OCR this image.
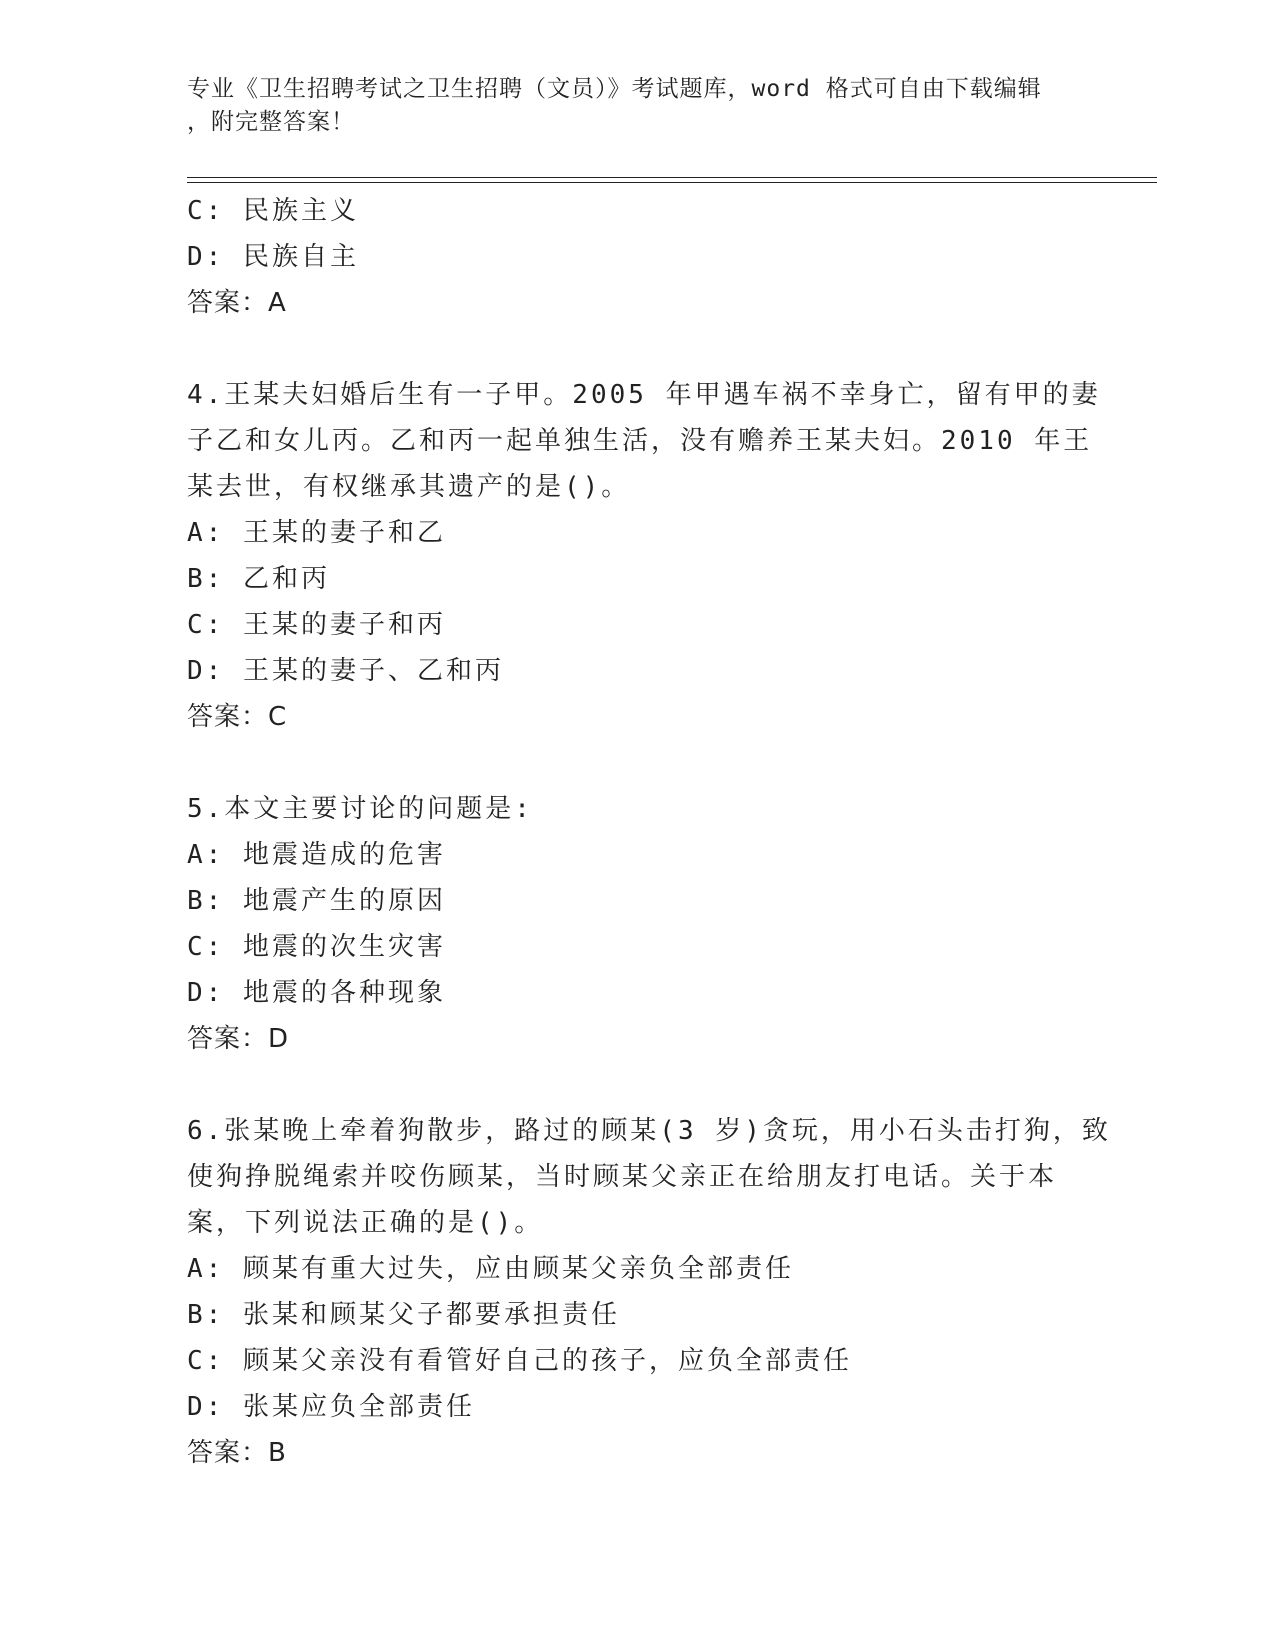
专业《卫生招聘考试之卫生招聘（文员）》考试题库，word 格式可自由下载编辑
，附完整答案！
C: 民族主义
D: 民族自主
答案：A
4.王某夫妇婚后生有一子甲。2005 年甲遇车祸不幸身亡，留有甲的妻
子乙和女儿丙。乙和丙一起单独生活，没有赡养王某夫妇。2010 年王
某去世，有权继承其遗产的是()。
A: 王某的妻子和乙
B: 乙和丙
C: 王某的妻子和丙
D: 王某的妻子、乙和丙
答案：C
5.本文主要讨论的问题是:
A: 地震造成的危害
B: 地震产生的原因
C: 地震的次生灾害
D: 地震的各种现象
答案：D
6.张某晚上牵着狗散步，路过的顾某(3 岁)贪玩，用小石头击打狗，致
使狗挣脱绳索并咬伤顾某，当时顾某父亲正在给朋友打电话。关于本
案，下列说法正确的是()。
A: 顾某有重大过失，应由顾某父亲负全部责任
B: 张某和顾某父子都要承担责任
C: 顾某父亲没有看管好自己的孩子，应负全部责任
D: 张某应负全部责任
答案：B
